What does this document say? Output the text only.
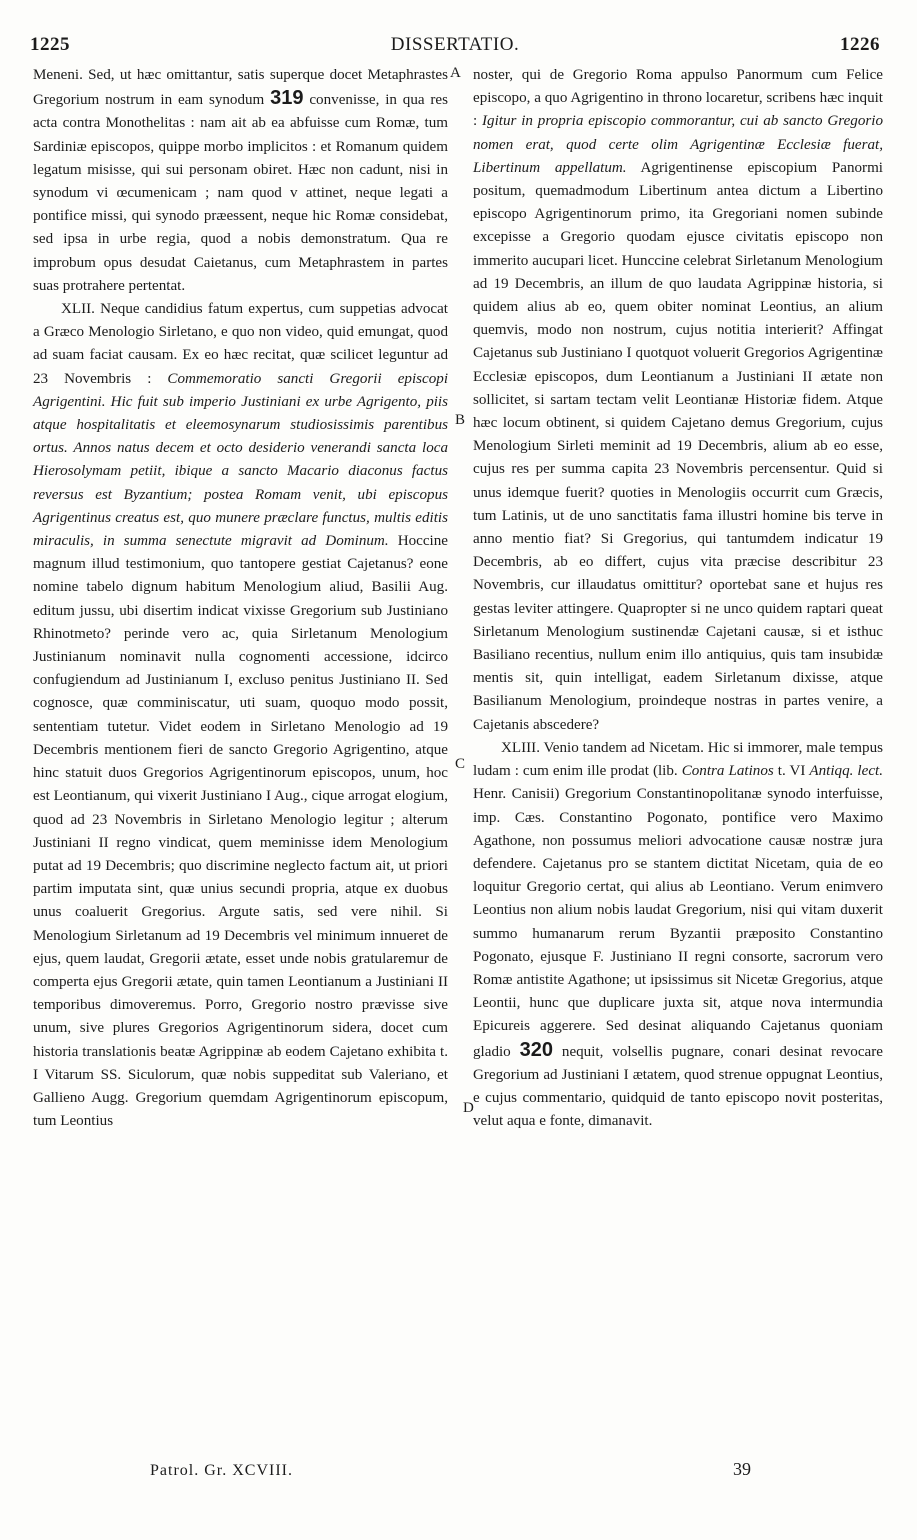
1225	DISSERTATIO.	1226

Meneni. Sed, ut hæc omittantur, satis superque docet Metaphrastes Gregorium nostrum in eam synodum 319 convenisse, in qua res acta contra Monothelitas : nam ait ab ea abfuisse cum Romæ, tum Sardiniæ episcopos, quippe morbo implicitos : et Romanum quidem legatum misisse, qui sui personam obiret. Hæc non cadunt, nisi in synodum vi œcumenicam ; nam quod v attinet, neque legati a pontifice missi, qui synodo præessent, neque hic Romæ considebat, sed ipsa in urbe regia, quod a nobis demonstratum. Qua re improbum opus desudat Caietanus, cum Metaphrastem in partes suas protrahere pertentat.

XLII. Neque candidius fatum expertus, cum suppetias advocat a Græco Menologio Sirletano, e quo non video, quid emungat, quod ad suam faciat causam. Ex eo hæc recitat, quæ scilicet leguntur ad 23 Novembris : Commemoratio sancti Gregorii episcopi Agrigentini. Hic fuit sub imperio Justiniani ex urbe Agrigento, piis atque hospitalitatis et eleemosynarum studiosissimis parentibus ortus. Annos natus decem et octo desiderio venerandi sancta loca Hierosolymam petiit, ibique a sancto Macario diaconus factus reversus est Byzantium; postea Romam venit, ubi episcopus Agrigentinus creatus est, quo munere præclare functus, multis editis miraculis, in summa senectute migravit ad Dominum. Hoccine magnum illud testimonium, quo tantopere gestiat Cajetanus? eone nomine tabelo dignum habitum Menologium aliud, Basilii Aug. editum jussu, ubi disertim indicat vixisse Gregorium sub Justiniano Rhinotmeto? perinde vero ac, quia Sirletanum Menologium Justinianum nominavit nulla cognomenti accessione, idcirco confugiendum ad Justinianum I, excluso penitus Justiniano II. Sed cognosce, quæ comminiscatur, uti suam, quoquo modo possit, sententiam tutetur. Videt eodem in Sirletano Menologio ad 19 Decembris mentionem fieri de sancto Gregorio Agrigentino, atque hinc statuit duos Gregorios Agrigentinorum episcopos, unum, hoc est Leontianum, qui vixerit Justiniano I Aug., cique arrogat elogium, quod ad 23 Novembris in Sirletano Menologio legitur ; alterum Justiniani II regno vindicat, quem meminisse idem Menologium putat ad 19 Decembris; quo discrimine neglecto factum ait, ut priori partim imputata sint, quæ unius secundi propria, atque ex duobus unus coaluerit Gregorius. Argute satis, sed vere nihil. Si Menologium Sirletanum ad 19 Decembris vel minimum innueret de ejus, quem laudat, Gregorii ætate, esset unde nobis gratularemur de comperta ejus Gregorii ætate, quin tamen Leontianum a Justiniani II temporibus dimoveremus. Porro, Gregorio nostro prævisse sive unum, sive plures Gregorios Agrigentinorum sidera, docet cum historia translationis beatæ Agrippinæ ab eodem Cajetano exhibita t. I Vitarum SS. Siculorum, quæ nobis suppeditat sub Valeriano, et Gallieno Augg. Gregorium quemdam Agrigentinorum episcopum, tum Leontius

A
B
C
D

noster, qui de Gregorio Roma appulso Panormum cum Felice episcopo, a quo Agrigentino in throno locaretur, scribens hæc inquit : Igitur in propria episcopio commorantur, cui ab sancto Gregorio nomen erat, quod certe olim Agrigentinæ Ecclesiæ fuerat, Libertinum appellatum. Agrigentinense episcopium Panormi positum, quemadmodum Libertinum antea dictum a Libertino episcopo Agrigentinorum primo, ita Gregoriani nomen subinde excepisse a Gregorio quodam ejusce civitatis episcopo non immerito aucupari licet. Hunccine celebrat Sirletanum Menologium ad 19 Decembris, an illum de quo laudata Agrippinæ historia, si quidem alius ab eo, quem obiter nominat Leontius, an alium quemvis, modo non nostrum, cujus notitia interierit? Affingat Cajetanus sub Justiniano I quotquot voluerit Gregorios Agrigentinæ Ecclesiæ episcopos, dum Leontianum a Justiniani II ætate non sollicitet, si sartam tectam velit Leontianæ Historiæ fidem. Atque hæc locum obtinent, si quidem Cajetano demus Gregorium, cujus Menologium Sirleti meminit ad 19 Decembris, alium ab eo esse, cujus res per summa capita 23 Novembris percensentur. Quid si unus idemque fuerit? quoties in Menologiis occurrit cum Græcis, tum Latinis, ut de uno sanctitatis fama illustri homine bis terve in anno mentio fiat? Si Gregorius, qui tantumdem indicatur 19 Decembris, ab eo differt, cujus vita præcise describitur 23 Novembris, cur illaudatus omittitur? oportebat sane et hujus res gestas leviter attingere. Quapropter si ne unco quidem raptari queat Sirletanum Menologium sustinendæ Cajetani causæ, si et isthuc Basiliano recentius, nullum enim illo antiquius, quis tam insubidæ mentis sit, quin intelligat, eadem Sirletanum dixisse, atque Basilianum Menologium, proindeque nostras in partes venire, a Cajetanis abscedere?

XLIII. Venio tandem ad Nicetam. Hic si immorer, male tempus ludam : cum enim ille prodat (lib. Contra Latinos t. VI Antiqq. lect. Henr. Canisii) Gregorium Constantinopolitanæ synodo interfuisse, imp. Cæs. Constantino Pogonato, pontifice vero Maximo Agathone, non possumus meliori advocatione causæ nostræ jura defendere. Cajetanus pro se stantem dictitat Nicetam, quia de eo loquitur Gregorio certat, qui alius ab Leontiano. Verum enimvero Leontius non alium nobis laudat Gregorium, nisi qui vitam duxerit summo humanarum rerum Byzantii præposito Constantino Pogonato, ejusque F. Justiniano II regni consorte, sacrorum vero Romæ antistite Agathone; ut ipsissimus sit Nicetæ Gregorius, atque Leontii, hunc que duplicare juxta sit, atque nova intermundia Epicureis aggerere. Sed desinat aliquando Cajetanus quoniam gladio 320 nequit, volsellis pugnare, conari desinat revocare Gregorium ad Justiniani I ætatem, quod strenue oppugnat Leontius, e cujus commentario, quidquid de tanto episcopo novit posteritas, velut aqua e fonte, dimanavit.

Patrol. Gr. XCVIII.	39
